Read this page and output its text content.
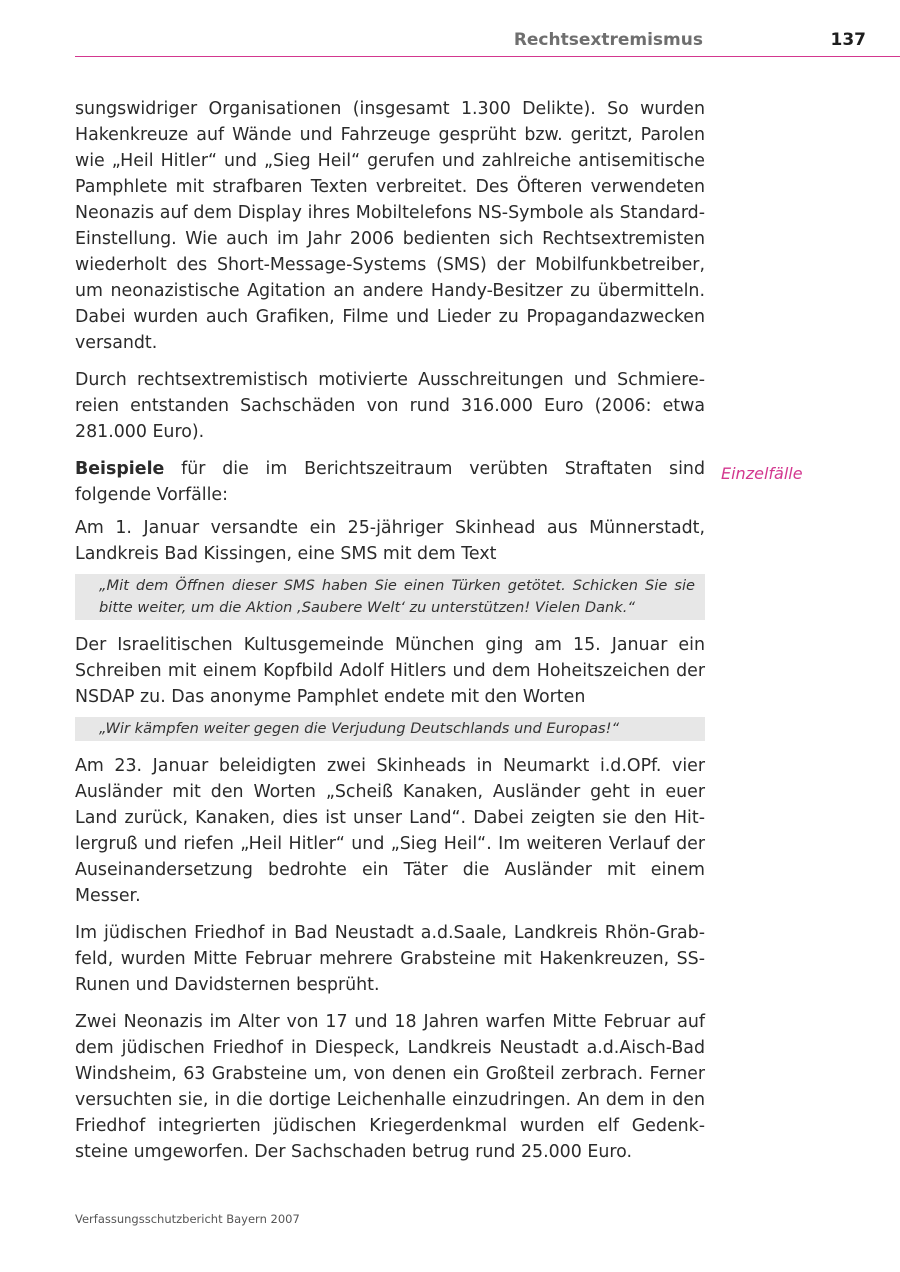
Rechtsextremismus	137

sungswidriger Organisationen (insgesamt 1.300 Delikte). So wurden Hakenkreuze auf Wände und Fahrzeuge gesprüht bzw. geritzt, Parolen wie „Heil Hitler“ und „Sieg Heil“ gerufen und zahlreiche antisemitische Pamphlete mit strafbaren Texten verbreitet. Des Öfteren verwendeten Neonazis auf dem Display ihres Mobiltelefons NS-Symbole als Standard-Einstellung. Wie auch im Jahr 2006 bedienten sich Rechtsextremisten wiederholt des Short-Message-Systems (SMS) der Mobilfunkbetreiber, um neonazistische Agitation an andere Handy-Besitzer zu übermitteln. Dabei wurden auch Grafiken, Filme und Lieder zu Propagandazwecken versandt.

Durch rechtsextremistisch motivierte Ausschreitungen und Schmierereien entstanden Sachschäden von rund 316.000 Euro (2006: etwa 281.000 Euro).

Beispiele für die im Berichtszeitraum verübten Straftaten sind folgende Vorfälle:

Am 1. Januar versandte ein 25-jähriger Skinhead aus Münnerstadt, Landkreis Bad Kissingen, eine SMS mit dem Text

„Mit dem Öffnen dieser SMS haben Sie einen Türken getötet. Schicken Sie sie bitte weiter, um die Aktion ‚Saubere Welt‘ zu unterstützen! Vielen Dank.“

Der Israelitischen Kultusgemeinde München ging am 15. Januar ein Schreiben mit einem Kopfbild Adolf Hitlers und dem Hoheitszeichen der NSDAP zu. Das anonyme Pamphlet endete mit den Worten

„Wir kämpfen weiter gegen die Verjudung Deutschlands und Europas!“

Am 23. Januar beleidigten zwei Skinheads in Neumarkt i.d.OPf. vier Ausländer mit den Worten „Scheiß Kanaken, Ausländer geht in euer Land zurück, Kanaken, dies ist unser Land“. Dabei zeigten sie den Hitlergruß und riefen „Heil Hitler“ und „Sieg Heil“. Im weiteren Verlauf der Auseinandersetzung bedrohte ein Täter die Ausländer mit einem Messer.

Im jüdischen Friedhof in Bad Neustadt a.d.Saale, Landkreis Rhön-Grabfeld, wurden Mitte Februar mehrere Grabsteine mit Hakenkreuzen, SS-Runen und Davidsternen besprüht.

Zwei Neonazis im Alter von 17 und 18 Jahren warfen Mitte Februar auf dem jüdischen Friedhof in Diespeck, Landkreis Neustadt a.d.Aisch-Bad Windsheim, 63 Grabsteine um, von denen ein Großteil zerbrach. Ferner versuchten sie, in die dortige Leichenhalle einzudringen. An dem in den Friedhof integrierten jüdischen Kriegerdenkmal wurden elf Gedenksteine umgeworfen. Der Sachschaden betrug rund 25.000 Euro.

Einzelfälle
Verfassungsschutzbericht Bayern 2007
